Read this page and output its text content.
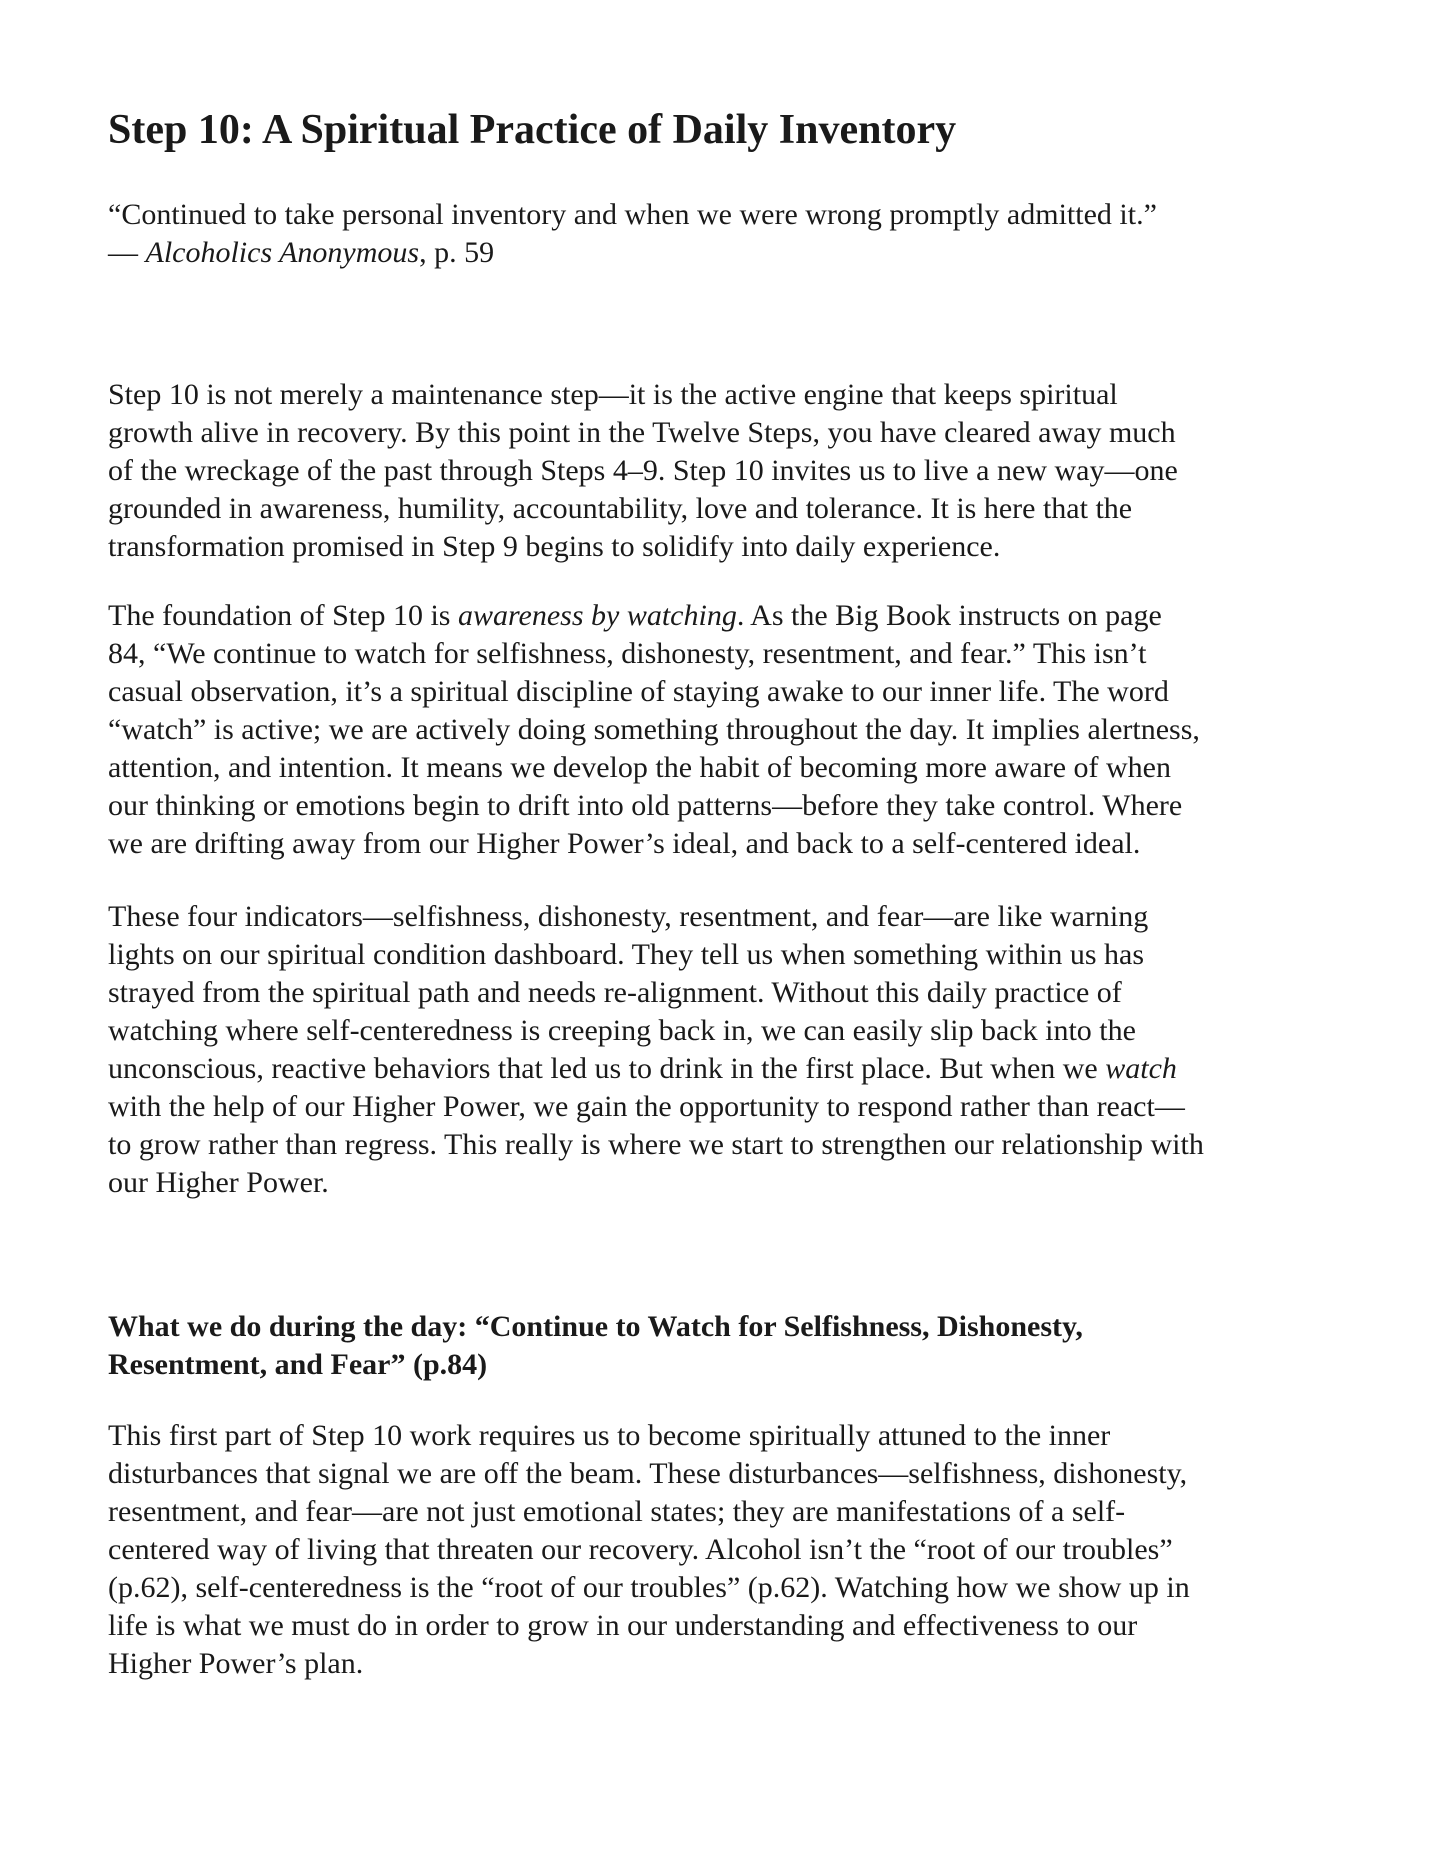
Step 10: A Spiritual Practice of Daily Inventory
“Continued to take personal inventory and when we were wrong promptly admitted it.”
— Alcoholics Anonymous, p. 59
Step 10 is not merely a maintenance step—it is the active engine that keeps spiritual
growth alive in recovery. By this point in the Twelve Steps, you have cleared away much
of the wreckage of the past through Steps 4–9. Step 10 invites us to live a new way—one
grounded in awareness, humility, accountability, love and tolerance. It is here that the
transformation promised in Step 9 begins to solidify into daily experience.
The foundation of Step 10 is awareness by watching. As the Big Book instructs on page
84, “We continue to watch for selfishness, dishonesty, resentment, and fear.” This isn’t
casual observation, it’s a spiritual discipline of staying awake to our inner life. The word
“watch” is active; we are actively doing something throughout the day. It implies alertness,
attention, and intention. It means we develop the habit of becoming more aware of when
our thinking or emotions begin to drift into old patterns—before they take control. Where
we are drifting away from our Higher Power’s ideal, and back to a self-centered ideal.
These four indicators—selfishness, dishonesty, resentment, and fear—are like warning
lights on our spiritual condition dashboard. They tell us when something within us has
strayed from the spiritual path and needs re-alignment. Without this daily practice of
watching where self-centeredness is creeping back in, we can easily slip back into the
unconscious, reactive behaviors that led us to drink in the first place. But when we watch
with the help of our Higher Power, we gain the opportunity to respond rather than react—
to grow rather than regress. This really is where we start to strengthen our relationship with
our Higher Power.
What we do during the day: “Continue to Watch for Selfishness, Dishonesty,
Resentment, and Fear” (p.84)
This first part of Step 10 work requires us to become spiritually attuned to the inner
disturbances that signal we are off the beam. These disturbances—selfishness, dishonesty,
resentment, and fear—are not just emotional states; they are manifestations of a self-
centered way of living that threaten our recovery. Alcohol isn’t the “root of our troubles”
(p.62), self-centeredness is the “root of our troubles” (p.62). Watching how we show up in
life is what we must do in order to grow in our understanding and effectiveness to our
Higher Power’s plan.
